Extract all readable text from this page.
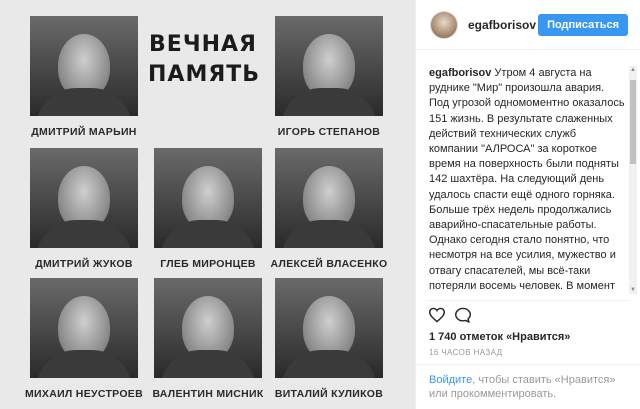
ВЕЧНАЯ
ПАМЯТЬ
ДМИТРИЙ МАРЬИН	ИГОРЬ СТЕПАНОВ
ДМИТРИЙ ЖУКОВ	ГЛЕБ МИРОНЦЕВ	АЛЕКСЕЙ ВЛАСЕНКО
МИХАИЛ НЕУСТРОЕВ ВАЛЕНТИН МИСНИК	ВИТАЛИЙ КУЛИКОВ
egafborisov	Подписаться
egafborisov Утром 4 августа на руднике "Мир" произошла авария. Под угрозой одномоментно оказалось 151 жизнь. В результате слаженных действий технических служб компании "АЛРОСА" за короткое время на поверхность были подняты 142 шахтёра. На следующий день удалось спасти ещё одного горняка. Больше трёх недель продолжались аварийно-спасательные работы. Однако сегодня стало понятно, что несмотря на все усилия, мужество и отвагу спасателей, мы всё-таки потеряли восемь человек. В момент

▲
▼
1 740 отметок «Нравится»
16 ЧАСОВ НАЗАД
Войдите, чтобы ставить «Нравится» или прокомментировать.
